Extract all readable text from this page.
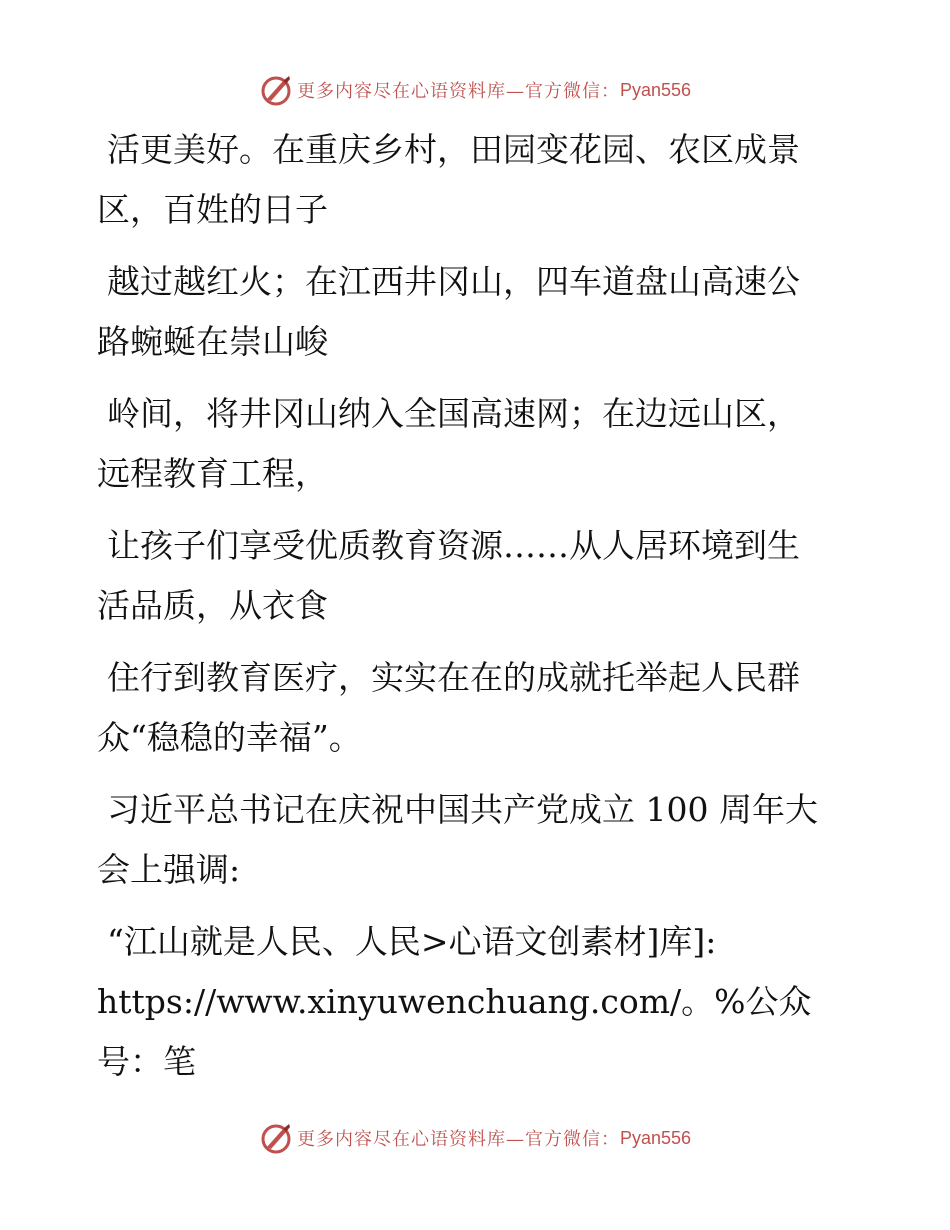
更多内容尽在心语资料库—官方微信： Pyan556

活更美好。在重庆乡村，田园变花园、农区成景
区，百姓的日子

越过越红火；在江西井冈山，四车道盘山高速公
路蜿蜒在崇山峻

岭间，将井冈山纳入全国高速网；在边远山区，
远程教育工程，

让孩子们享受优质教育资源……从人居环境到生
活品质，从衣食

住行到教育医疗，实实在在的成就托举起人民群
众“稳稳的幸福”。

习近平总书记在庆祝中国共产党成立 100 周年大
会上强调:

“江山就是人民、人民>心语文创素材]库]:
https://www.xinyuwenchuang.com/。%公众号：笔

更多内容尽在心语资料库—官方微信： Pyan556
